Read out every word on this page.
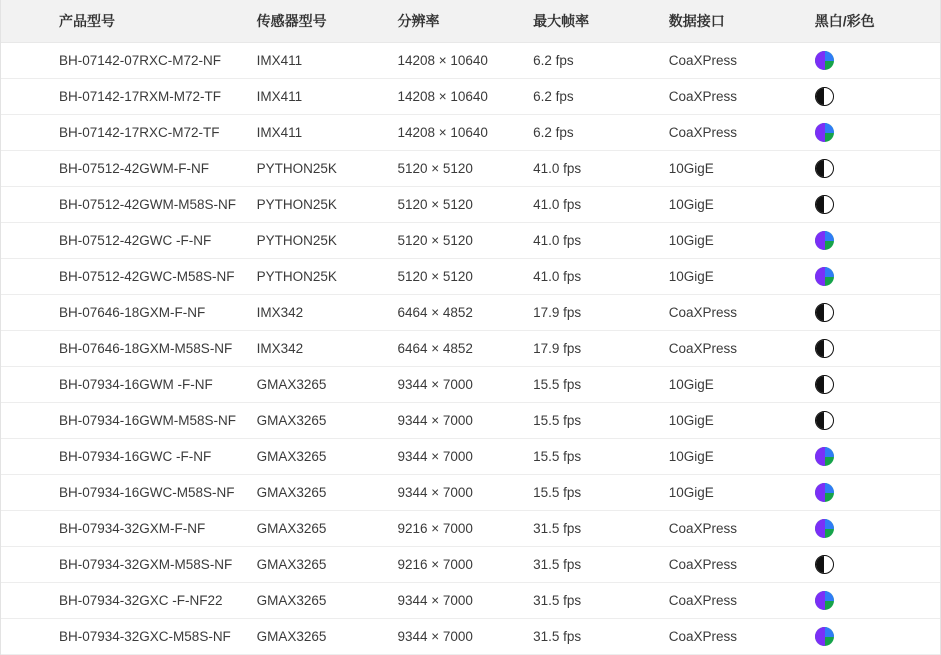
产品型号	传感器型号	分辨率	最大帧率	数据接口	黑白/彩色
BH-07142-07RXC-M72-NF	IMX411	14208 × 10640	6.2 fps	CoaXPress	
BH-07142-17RXM-M72-TF	IMX411	14208 × 10640	6.2 fps	CoaXPress	
BH-07142-17RXC-M72-TF	IMX411	14208 × 10640	6.2 fps	CoaXPress	
BH-07512-42GWM-F-NF	PYTHON25K	5120 × 5120	41.0 fps	10GigE	
BH-07512-42GWM-M58S-NF	PYTHON25K	5120 × 5120	41.0 fps	10GigE	
BH-07512-42GWC -F-NF	PYTHON25K	5120 × 5120	41.0 fps	10GigE	
BH-07512-42GWC-M58S-NF	PYTHON25K	5120 × 5120	41.0 fps	10GigE	
BH-07646-18GXM-F-NF	IMX342	6464 × 4852	17.9 fps	CoaXPress	
BH-07646-18GXM-M58S-NF	IMX342	6464 × 4852	17.9 fps	CoaXPress	
BH-07934-16GWM -F-NF	GMAX3265	9344 × 7000	15.5 fps	10GigE	
BH-07934-16GWM-M58S-NF	GMAX3265	9344 × 7000	15.5 fps	10GigE	
BH-07934-16GWC -F-NF	GMAX3265	9344 × 7000	15.5 fps	10GigE	
BH-07934-16GWC-M58S-NF	GMAX3265	9344 × 7000	15.5 fps	10GigE	
BH-07934-32GXM-F-NF	GMAX3265	9216 × 7000	31.5 fps	CoaXPress	
BH-07934-32GXM-M58S-NF	GMAX3265	9216 × 7000	31.5 fps	CoaXPress	
BH-07934-32GXC -F-NF22	GMAX3265	9344 × 7000	31.5 fps	CoaXPress	
BH-07934-32GXC-M58S-NF	GMAX3265	9344 × 7000	31.5 fps	CoaXPress	
